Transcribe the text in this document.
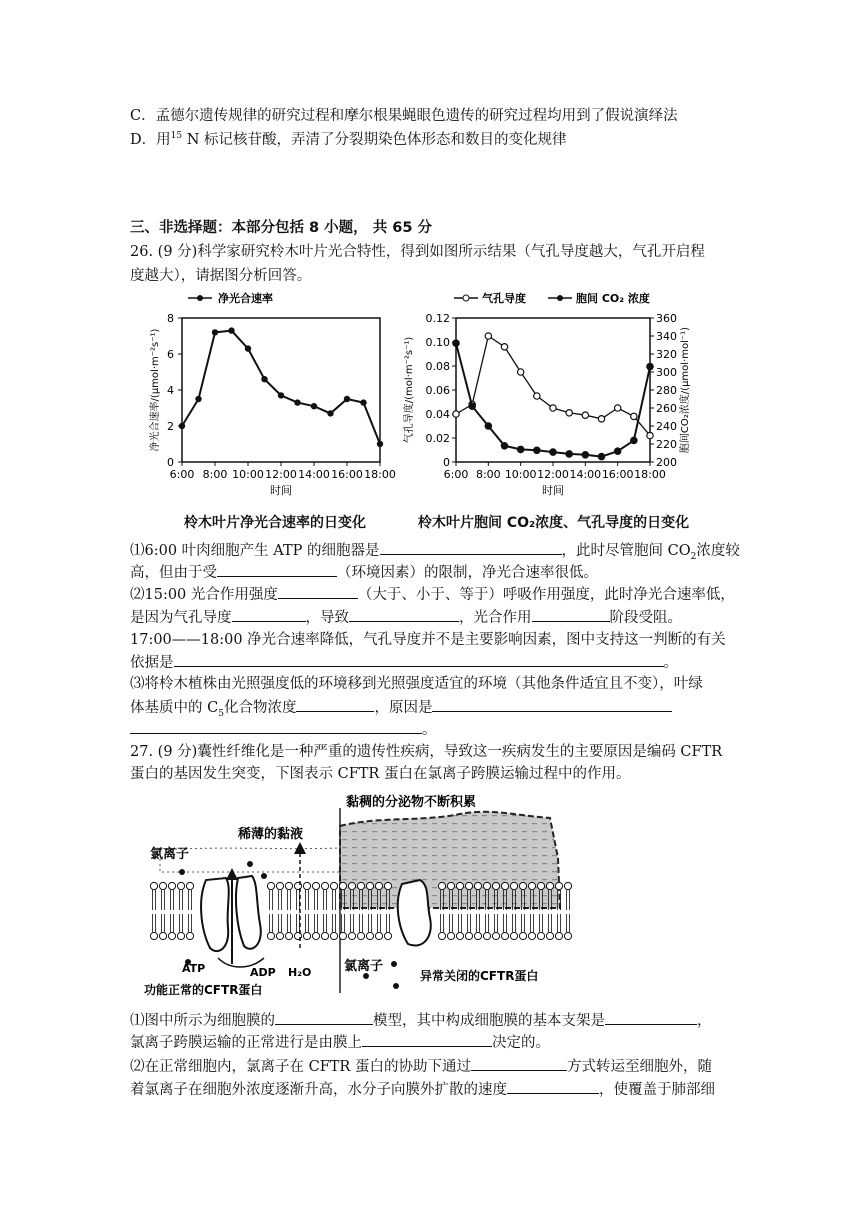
C．孟德尔遗传规律的研究过程和摩尔根果蝇眼色遗传的研究过程均用到了假说演绎法
D．用$^{15}$ N 标记核苷酸，弄清了分裂期染色体形态和数目的变化规律
三、非选择题：本部分包括 8 小题， 共 65 分
26. (9 分)科学家研究柃木叶片光合特性，得到如图所示结果（气孔导度越大，气孔开启程
度越大），请据图分析回答。
0
2
4
6
8
6:00 8:00 10:00 12:00 14:00 16:00 18:00
时间
净光合速率/(μmol·m⁻²s⁻¹)
净光合速率
柃木叶片净光合速率的日变化
0
0.02
0.04
0.06
0.08
0.10
0.12
200
220
240
260
280
300
320
340
360
6:00 8:00 10:00 12:00 14:00 16:00 18:00
时间
气孔导度/(mol·m⁻²s⁻¹)	胞间CO₂浓度/(μmol·mol⁻¹)
气孔导度	胞间 CO₂ 浓度
柃木叶片胞间 CO₂浓度、气孔导度的日变化
⑴6:00 叶肉细胞产生 ATP 的细胞器是	，此时尽管胞间 $CO_2$浓度较
高，但由于受	（环境因素）的限制，净光合速率很低。
⑵15:00 光合作用强度	（大于、小于、等于）呼吸作用强度，此时净光合速率低，
是因为气孔导度	，导致	，光合作用	阶段受阻。
17:00——18:00 净光合速率降低，气孔导度并不是主要影响因素，图中支持这一判断的有关
依据是	。
⑶将柃木植株由光照强度低的环境移到光照强度适宜的环境（其他条件适宜且不变），叶绿
体基质中的 $C_5$化合物浓度	，原因是
。
27. (9 分)囊性纤维化是一种严重的遗传性疾病，导致这一疾病发生的主要原因是编码 CFTR
蛋白的基因发生突变，下图表示 CFTR 蛋白在氯离子跨膜运输过程中的作用。
稀薄的黏液
黏稠的分泌物不断积累
氯离子
氯离子
ATP	ADP H₂O
功能正常的CFTR蛋白
异常关闭的CFTR蛋白
⑴图中所示为细胞膜的	模型，其中构成细胞膜的基本支架是	，
氯离子跨膜运输的正常进行是由膜上	决定的。
⑵在正常细胞内，氯离子在 CFTR 蛋白的协助下通过	方式转运至细胞外，随
着氯离子在细胞外浓度逐渐升高，水分子向膜外扩散的速度	，使覆盖于肺部细
